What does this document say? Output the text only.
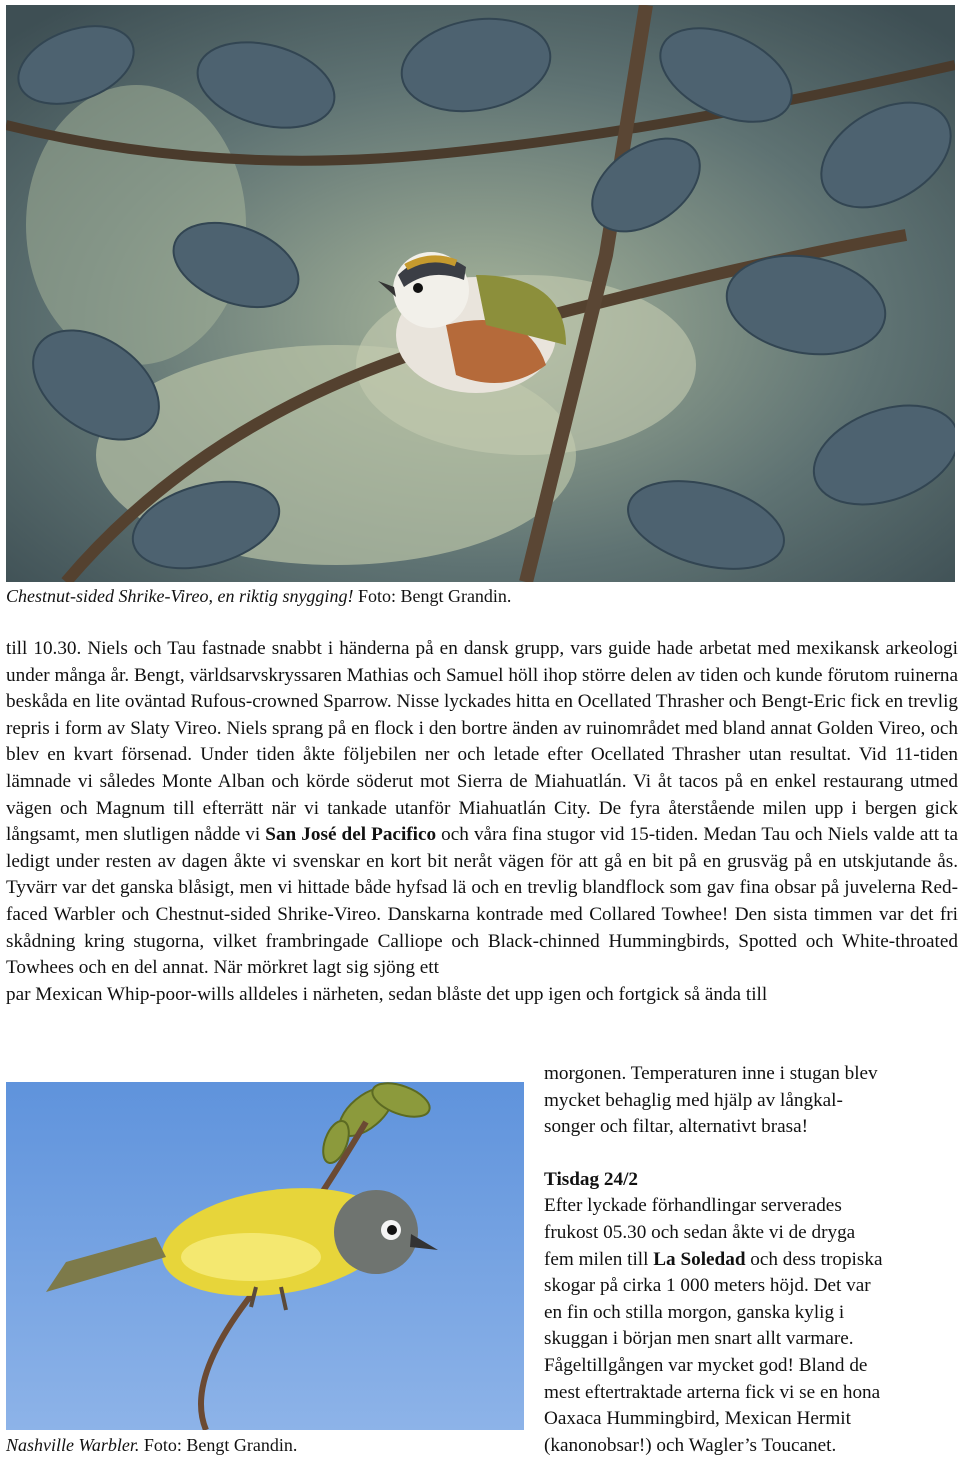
Chestnut-sided Shrike-Vireo, en riktig snygging! Foto: Bengt Grandin.
till 10.30. Niels och Tau fastnade snabbt i händerna på en dansk grupp, vars guide hade arbetat med mexikansk arkeologi under många år. Bengt, världsarvskryssaren Mathias och Samuel höll ihop större delen av tiden och kunde förutom ruinerna beskåda en lite oväntad Rufous-crowned Sparrow. Nisse lyckades hitta en Ocellated Thrasher och Bengt-Eric fick en trevlig repris i form av Slaty Vireo. Niels sprang på en flock i den bortre änden av ruinområdet med bland annat Golden Vireo, och blev en kvart försenad. Under tiden åkte följebilen ner och letade efter Ocellated Thrasher utan resultat. Vid 11-tiden lämnade vi således Monte Alban och körde söderut mot Sierra de Miahuatlán. Vi åt tacos på en enkel restaurang utmed vägen och Magnum till efterrätt när vi tankade utanför Miahuatlán City. De fyra återstående milen upp i bergen gick långsamt, men slutligen nådde vi San José del Pacifico och våra fina stugor vid 15-tiden. Medan Tau och Niels valde att ta ledigt under resten av dagen åkte vi svenskar en kort bit neråt vägen för att gå en bit på en grusväg på en utskjutande ås. Tyvärr var det ganska blåsigt, men vi hittade både hyfsad lä och en trevlig blandflock som gav fina obsar på juvelerna Red-faced Warbler och Chestnut-sided Shrike-Vireo. Danskarna kontrade med Collared Towhee! Den sista timmen var det fri skådning kring stugorna, vilket frambringade Calliope och Black-chinned Hummingbirds, Spotted och White-throated Towhees och en del annat. När mörkret lagt sig sjöng ett
par Mexican Whip-poor-wills alldeles i närheten, sedan blåste det upp igen och fortgick så ända till
Nashville Warbler. Foto: Bengt Grandin.
morgonen. Temperaturen inne i stugan blev
mycket behaglig med hjälp av långkal-
songer och filtar, alternativt brasa!
Tisdag 24/2
Efter lyckade förhandlingar serverades
frukost 05.30 och sedan åkte vi de dryga
fem milen till La Soledad och dess tropiska
skogar på cirka 1 000 meters höjd. Det var
en fin och stilla morgon, ganska kylig i
skuggan i början men snart allt varmare.
Fågeltillgången var mycket god! Bland de
mest eftertraktade arterna fick vi se en hona
Oaxaca Hummingbird, Mexican Hermit
(kanonobsar!) och Wagler’s Toucanet.
